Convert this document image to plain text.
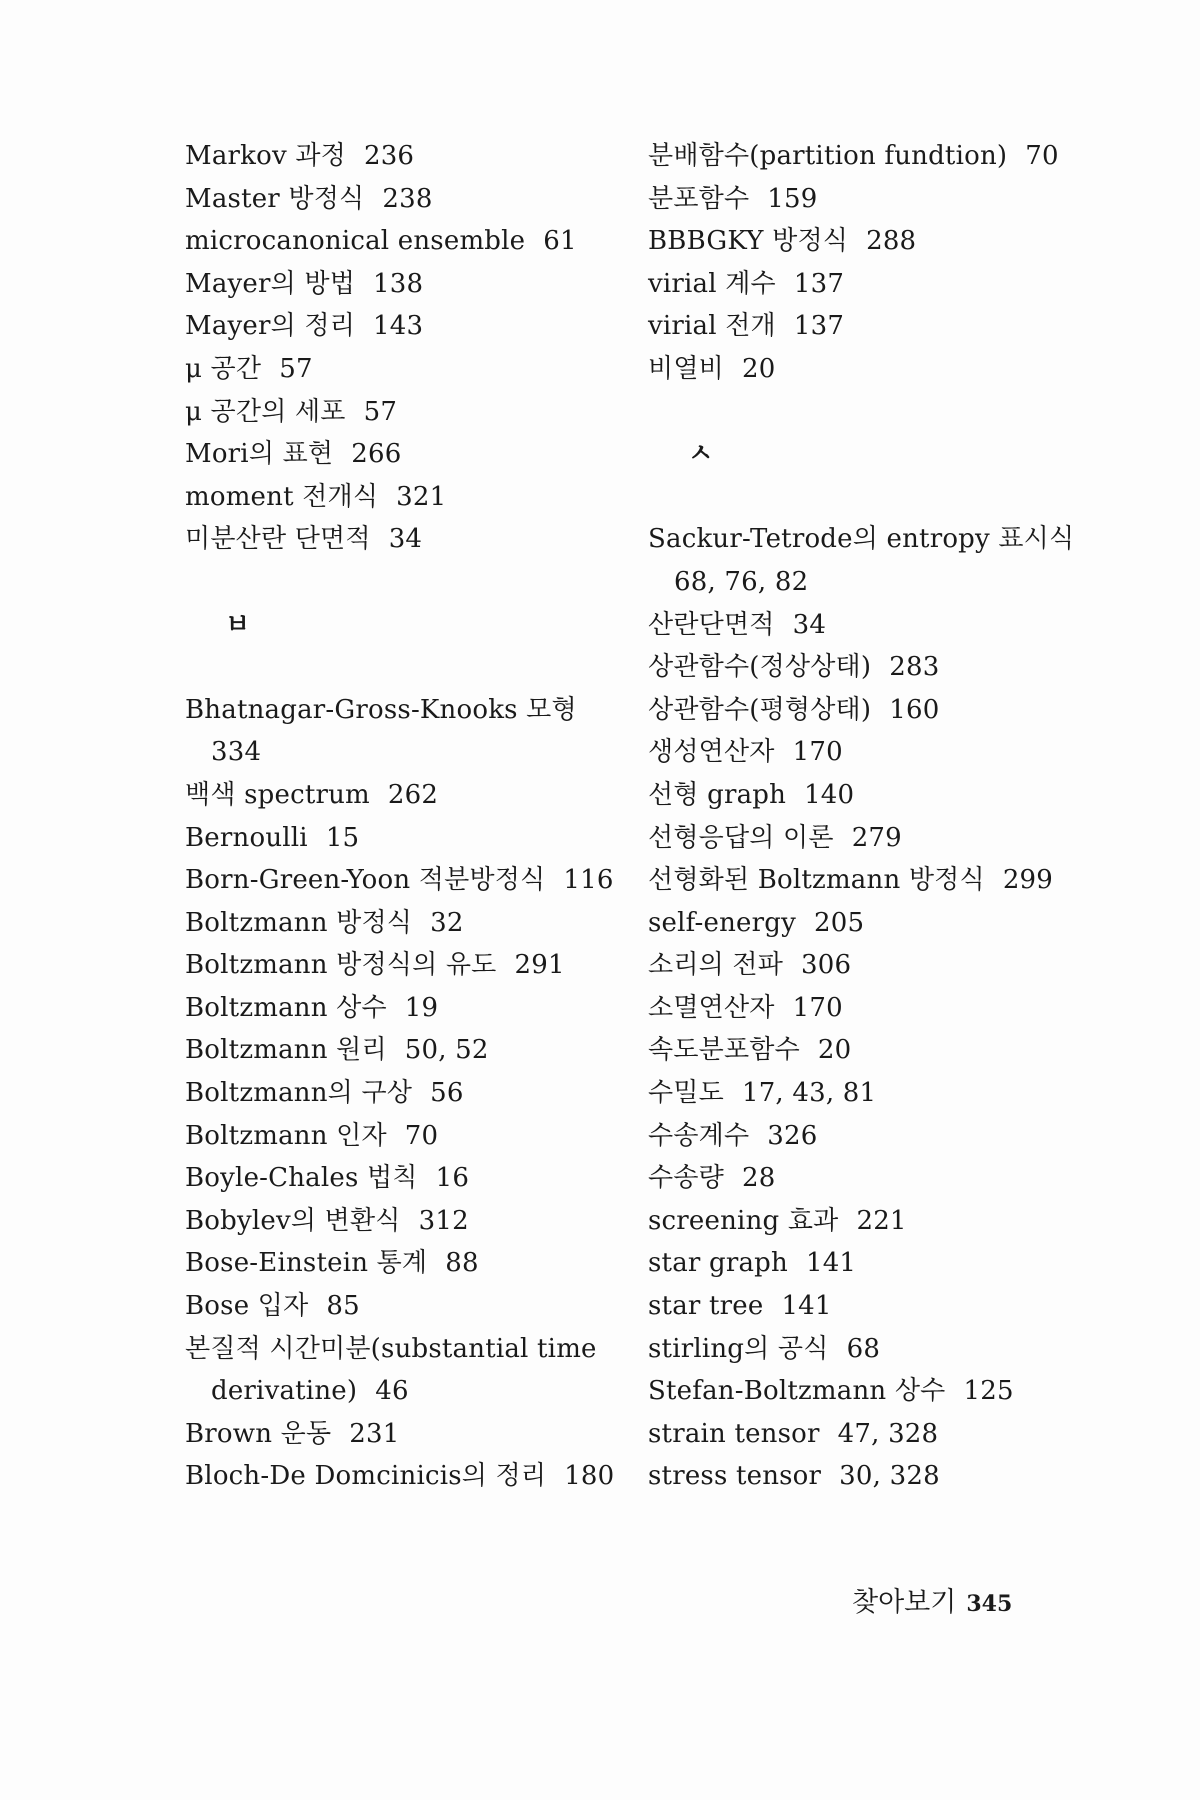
Markov 과정 236
Master 방정식 238
microcanonical ensemble 61
Mayer의 방법 138
Mayer의 정리 143
μ 공간 57
μ 공간의 세포 57
Mori의 표현 266
moment 전개식 321
미분산란 단면적 34
ㅂ
Bhatnagar-Gross-Knooks 모형
334
백색 spectrum 262
Bernoulli 15
Born-Green-Yoon 적분방정식 116
Boltzmann 방정식 32
Boltzmann 방정식의 유도 291
Boltzmann 상수 19
Boltzmann 원리 50, 52
Boltzmann의 구상 56
Boltzmann 인자 70
Boyle-Chales 법칙 16
Bobylev의 변환식 312
Bose-Einstein 통계 88
Bose 입자 85
본질적 시간미분(substantial time
derivatine) 46
Brown 운동 231
Bloch-De Domcinicis의 정리 180
분배함수(partition fundtion) 70
분포함수 159
BBBGKY 방정식 288
virial 계수 137
virial 전개 137
비열비 20
ㅅ
Sackur-Tetrode의 entropy 표시식
68, 76, 82
산란단면적 34
상관함수(정상상태) 283
상관함수(평형상태) 160
생성연산자 170
선형 graph 140
선형응답의 이론 279
선형화된 Boltzmann 방정식 299
self-energy 205
소리의 전파 306
소멸연산자 170
속도분포함수 20
수밀도 17, 43, 81
수송계수 326
수송량 28
screening 효과 221
star graph 141
star tree 141
stirling의 공식 68
Stefan-Boltzmann 상수 125
strain tensor 47, 328
stress tensor 30, 328
찾아보기 345
